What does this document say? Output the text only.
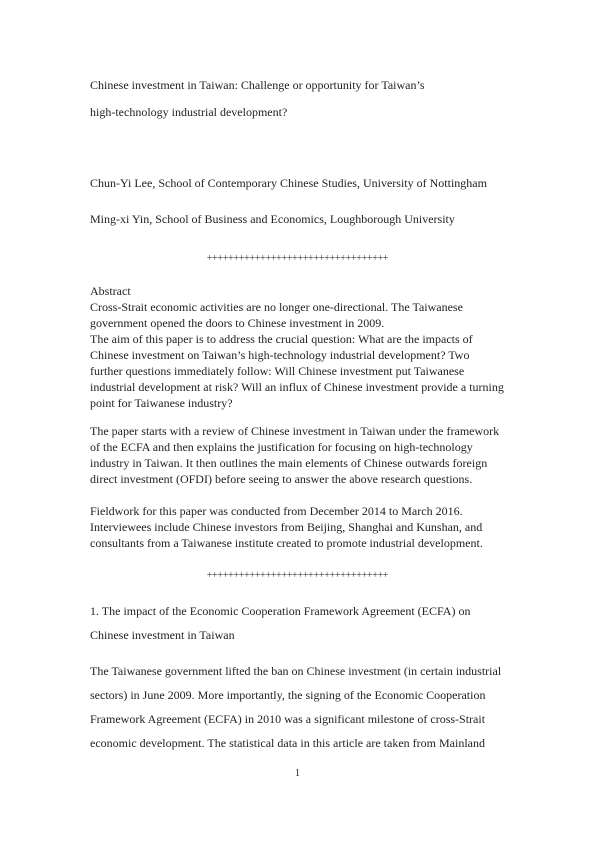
Chinese investment in Taiwan: Challenge or opportunity for Taiwan’s
high-technology industrial development?
Chun-Yi Lee, School of Contemporary Chinese Studies, University of Nottingham
Ming-xi Yin, School of Business and Economics, Loughborough University
++++++++++++++++++++++++++++++++++
Abstract
Cross-Strait economic activities are no longer one-directional. The Taiwanese
government opened the doors to Chinese investment in 2009.
The aim of this paper is to address the crucial question: What are the impacts of
Chinese investment on Taiwan’s high-technology industrial development? Two
further questions immediately follow: Will Chinese investment put Taiwanese
industrial development at risk? Will an influx of Chinese investment provide a turning
point for Taiwanese industry?
The paper starts with a review of Chinese investment in Taiwan under the framework
of the ECFA and then explains the justification for focusing on high-technology
industry in Taiwan. It then outlines the main elements of Chinese outwards foreign
direct investment (OFDI) before seeing to answer the above research questions.
Fieldwork for this paper was conducted from December 2014 to March 2016.
Interviewees include Chinese investors from Beijing, Shanghai and Kunshan, and
consultants from a Taiwanese institute created to promote industrial development.
++++++++++++++++++++++++++++++++++
1. The impact of the Economic Cooperation Framework Agreement (ECFA) on
Chinese investment in Taiwan
The Taiwanese government lifted the ban on Chinese investment (in certain industrial
sectors) in June 2009. More importantly, the signing of the Economic Cooperation
Framework Agreement (ECFA) in 2010 was a significant milestone of cross-Strait
economic development. The statistical data in this article are taken from Mainland
1
